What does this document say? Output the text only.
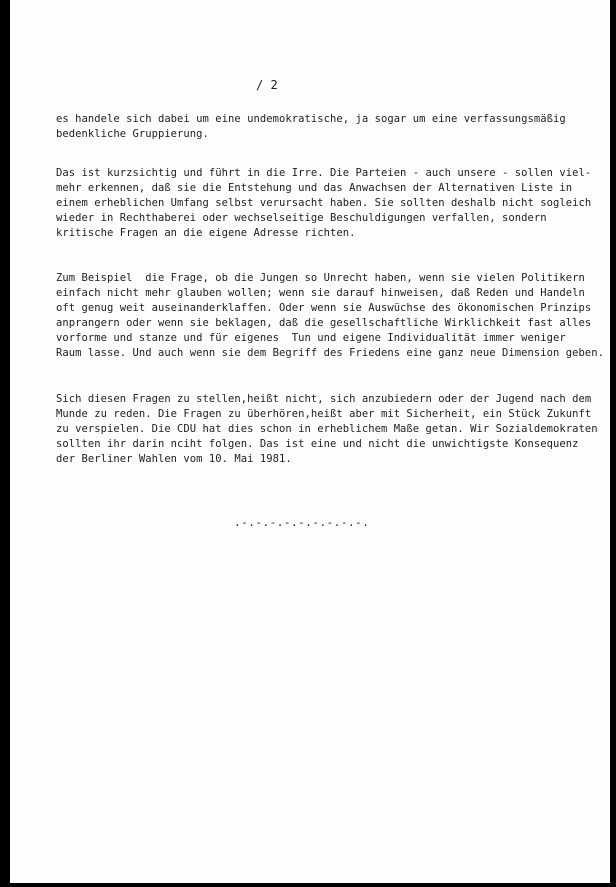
/ 2
es handele sich dabei um eine undemokratische, ja sogar um eine verfassungsmäßig
bedenkliche Gruppierung.
Das ist kurzsichtig und führt in die Irre. Die Parteien - auch unsere - sollen viel-
mehr erkennen, daß sie die Entstehung und das Anwachsen der Alternativen Liste in
einem erheblichen Umfang selbst verursacht haben. Sie sollten deshalb nicht sogleich
wieder in Rechthaberei oder wechselseitige Beschuldigungen verfallen, sondern
kritische Fragen an die eigene Adresse richten.
Zum Beispiel  die Frage, ob die Jungen so Unrecht haben, wenn sie vielen Politikern
einfach nicht mehr glauben wollen; wenn sie darauf hinweisen, daß Reden und Handeln
oft genug weit auseinanderklaffen. Oder wenn sie Auswüchse des ökonomischen Prinzips
anprangern oder wenn sie beklagen, daß die gesellschaftliche Wirklichkeit fast alles
vorforme und stanze und für eigenes  Tun und eigene Individualität immer weniger
Raum lasse. Und auch wenn sie dem Begriff des Friedens eine ganz neue Dimension geben.
Sich diesen Fragen zu stellen,heißt nicht, sich anzubiedern oder der Jugend nach dem
Munde zu reden. Die Fragen zu überhören,heißt aber mit Sicherheit, ein Stück Zukunft
zu verspielen. Die CDU hat dies schon in erheblichem Maße getan. Wir Sozialdemokraten
sollten ihr darin nciht folgen. Das ist eine und nicht die unwichtigste Konsequenz
der Berliner Wahlen vom 10. Mai 1981.
.-.-.-.-.-.-.-.-.-.
